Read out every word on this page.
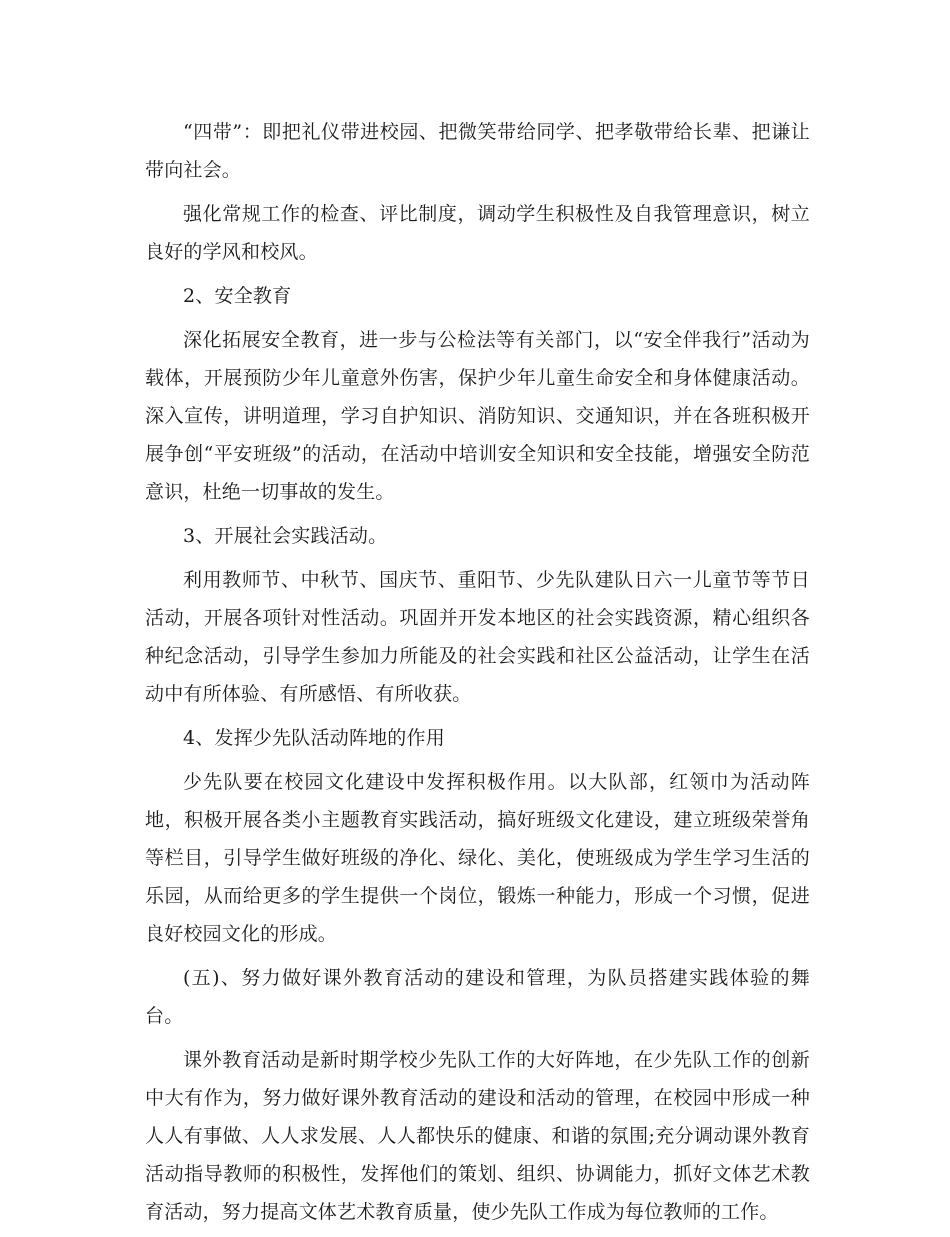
“四带”：即把礼仪带进校园、把微笑带给同学、把孝敬带给长辈、把谦让带向社会。

强化常规工作的检查、评比制度，调动学生积极性及自我管理意识，树立良好的学风和校风。

2、安全教育

深化拓展安全教育，进一步与公检法等有关部门，以“安全伴我行”活动为载体，开展预防少年儿童意外伤害，保护少年儿童生命安全和身体健康活动。深入宣传，讲明道理，学习自护知识、消防知识、交通知识，并在各班积极开展争创“平安班级”的活动，在活动中培训安全知识和安全技能，增强安全防范意识，杜绝一切事故的发生。

3、开展社会实践活动。

利用教师节、中秋节、国庆节、重阳节、少先队建队日六一儿童节等节日活动，开展各项针对性活动。巩固并开发本地区的社会实践资源，精心组织各种纪念活动，引导学生参加力所能及的社会实践和社区公益活动，让学生在活动中有所体验、有所感悟、有所收获。

4、发挥少先队活动阵地的作用

少先队要在校园文化建设中发挥积极作用。以大队部，红领巾为活动阵地，积极开展各类小主题教育实践活动，搞好班级文化建设，建立班级荣誉角等栏目，引导学生做好班级的净化、绿化、美化，使班级成为学生学习生活的乐园，从而给更多的学生提供一个岗位，锻炼一种能力，形成一个习惯，促进良好校园文化的形成。

(五)、努力做好课外教育活动的建设和管理，为队员搭建实践体验的舞台。

课外教育活动是新时期学校少先队工作的大好阵地，在少先队工作的创新中大有作为，努力做好课外教育活动的建设和活动的管理，在校园中形成一种人人有事做、人人求发展、人人都快乐的健康、和谐的氛围;充分调动课外教育活动指导教师的积极性，发挥他们的策划、组织、协调能力，抓好文体艺术教育活动，努力提高文体艺术教育质量，使少先队工作成为每位教师的工作。
